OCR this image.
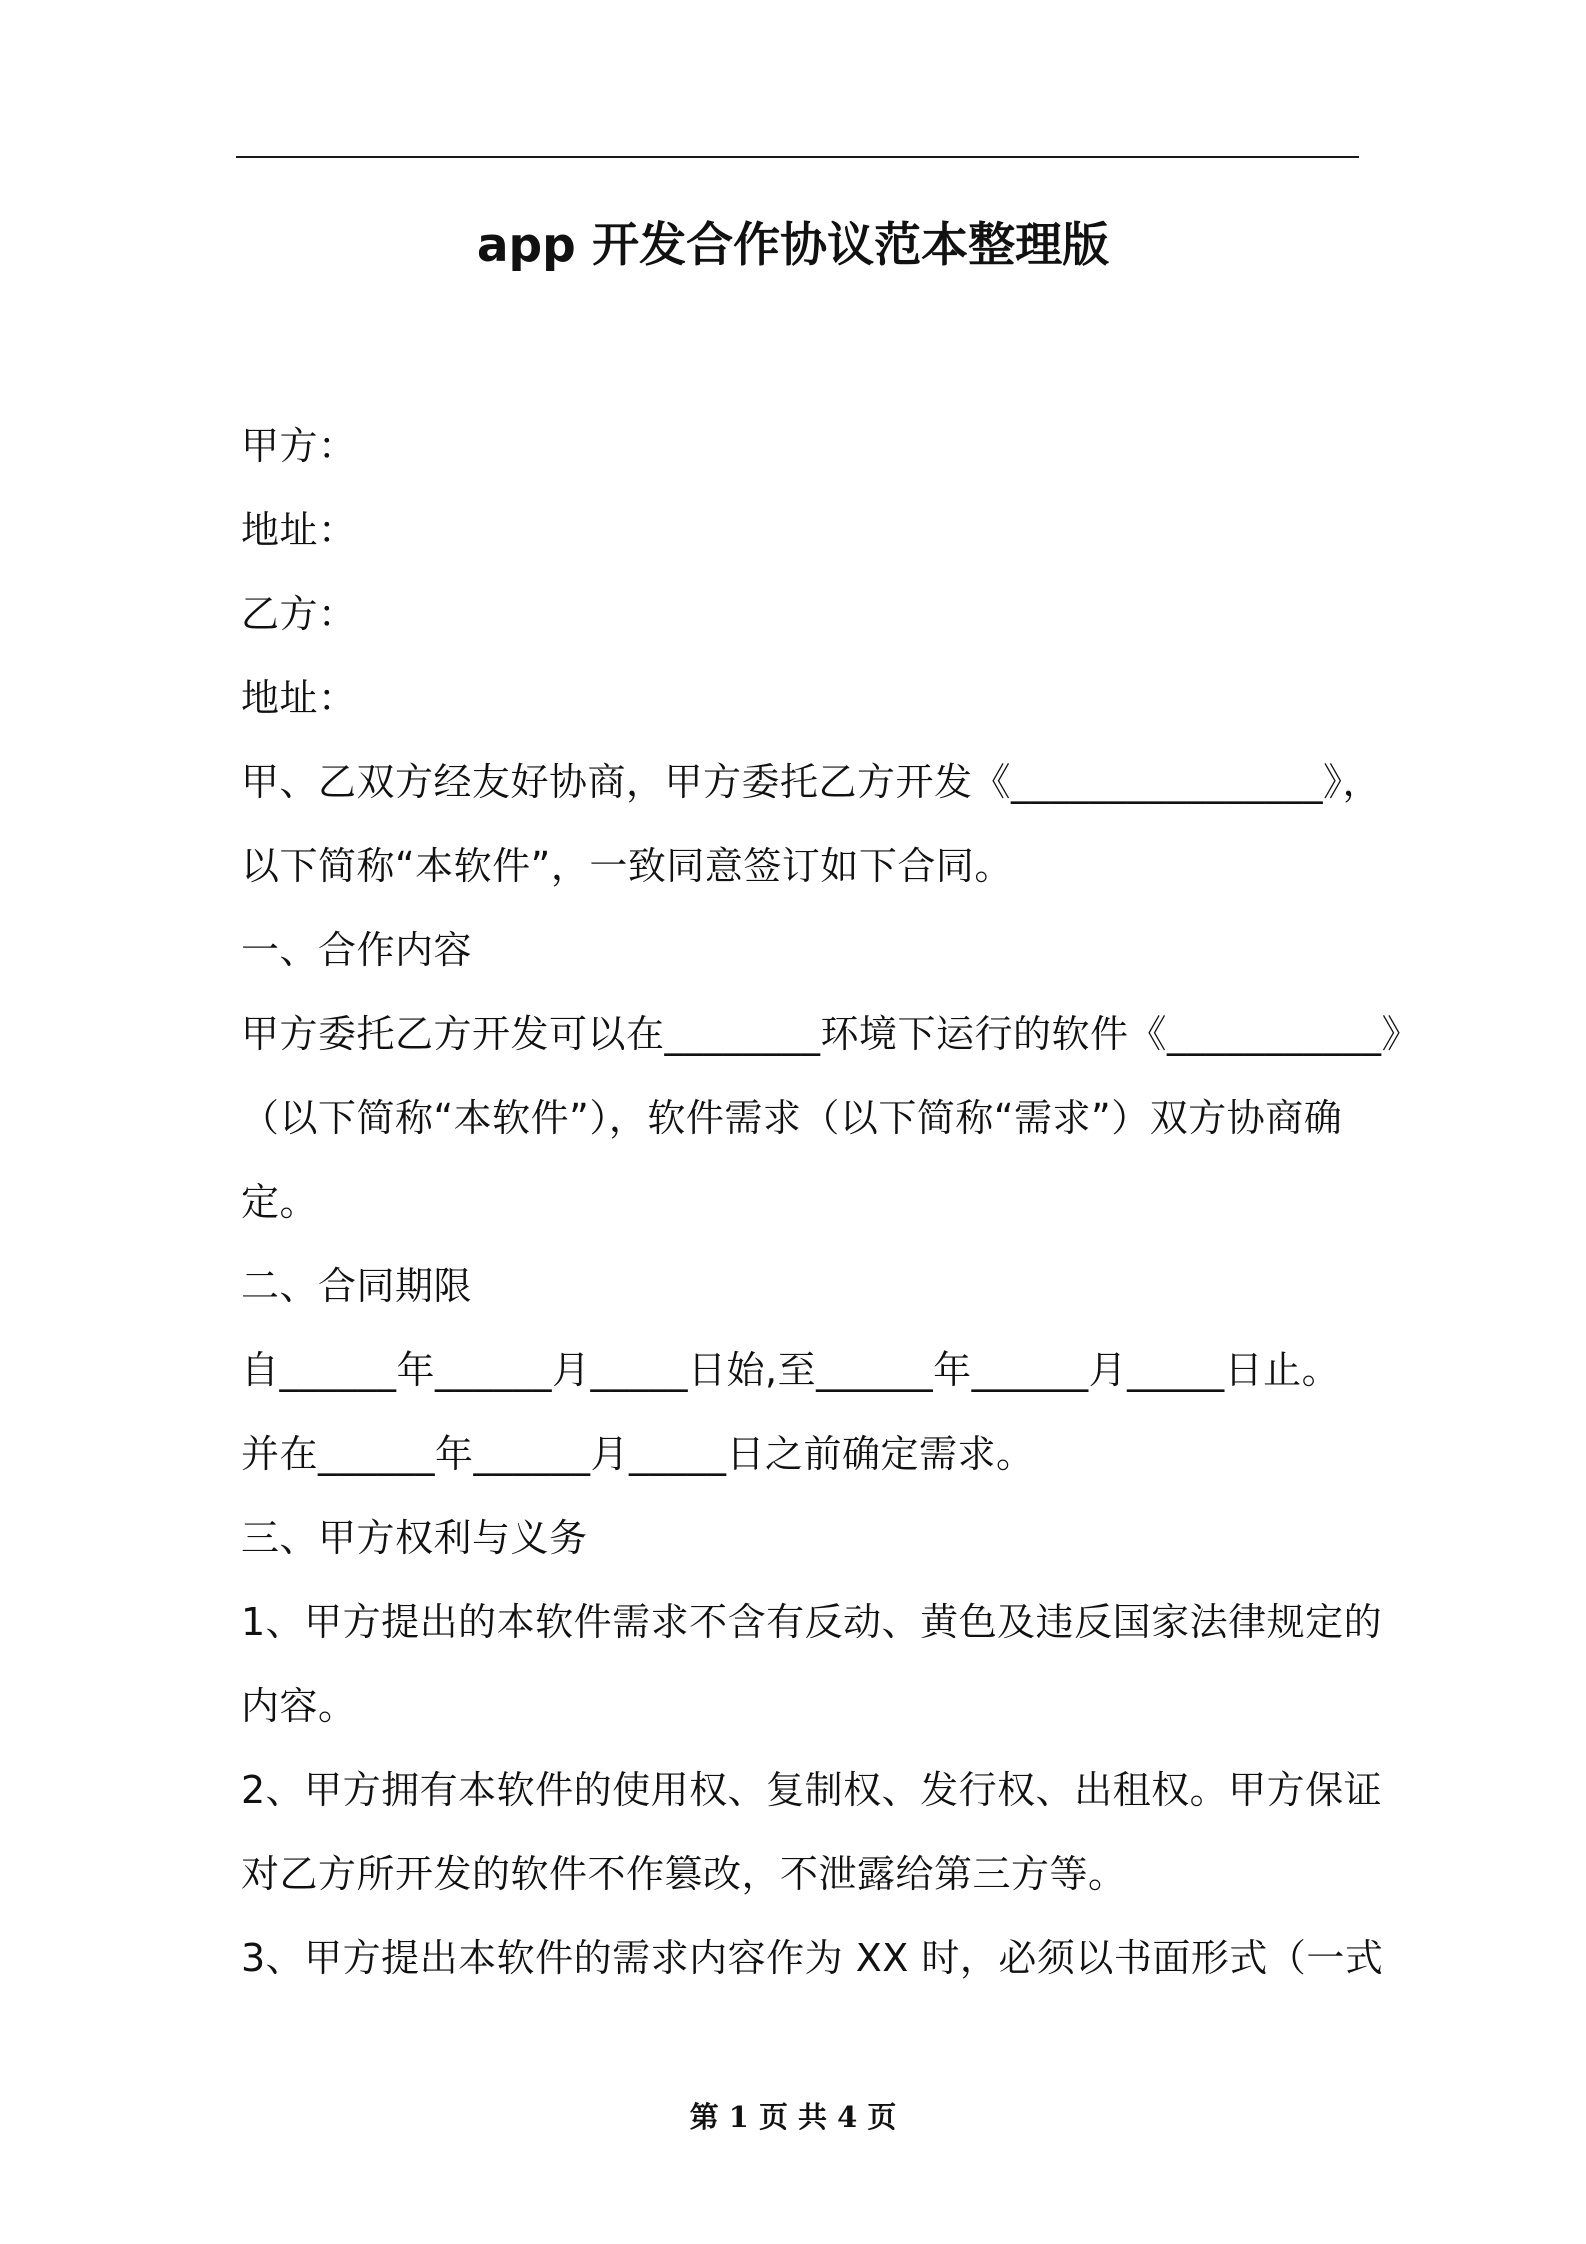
app 开发合作协议范本整理版
甲方：
地址：
乙方：
地址：
甲、乙双方经友好协商，甲方委托乙方开发《________________》，
以下简称“本软件”，一致同意签订如下合同。
一、合作内容
甲方委托乙方开发可以在________环境下运行的软件《___________》
（以下简称“本软件”），软件需求（以下简称“需求”）双方协商确
定。
二、合同期限
自______年______月_____日始,至______年______月_____日止。
并在______年______月_____日之前确定需求。
三、甲方权利与义务
1、甲方提出的本软件需求不含有反动、黄色及违反国家法律规定的
内容。
2、甲方拥有本软件的使用权、复制权、发行权、出租权。甲方保证
对乙方所开发的软件不作篡改，不泄露给第三方等。
3、甲方提出本软件的需求内容作为 XX 时，必须以书面形式（一式
第 1 页 共 4 页
